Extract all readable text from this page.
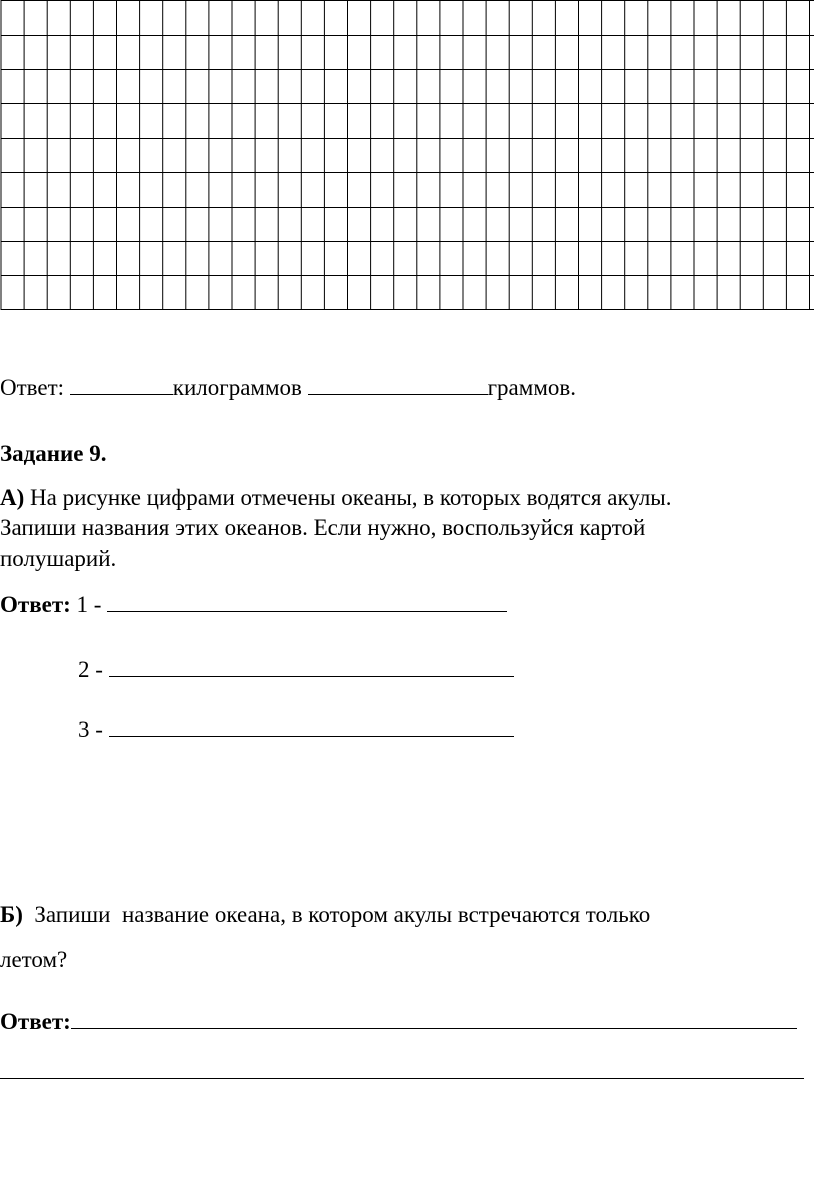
Ответ:	килограммов	граммов.
Задание 9.
А) На рисунке цифрами отмечены океаны, в которых водятся акулы.
Запиши названия этих океанов. Если нужно, воспользуйся картой
полушарий.
Ответ: 1 -
2 -
3 -
Б)  Запиши  название океана, в котором акулы встречаются только
летом?
Ответ:
